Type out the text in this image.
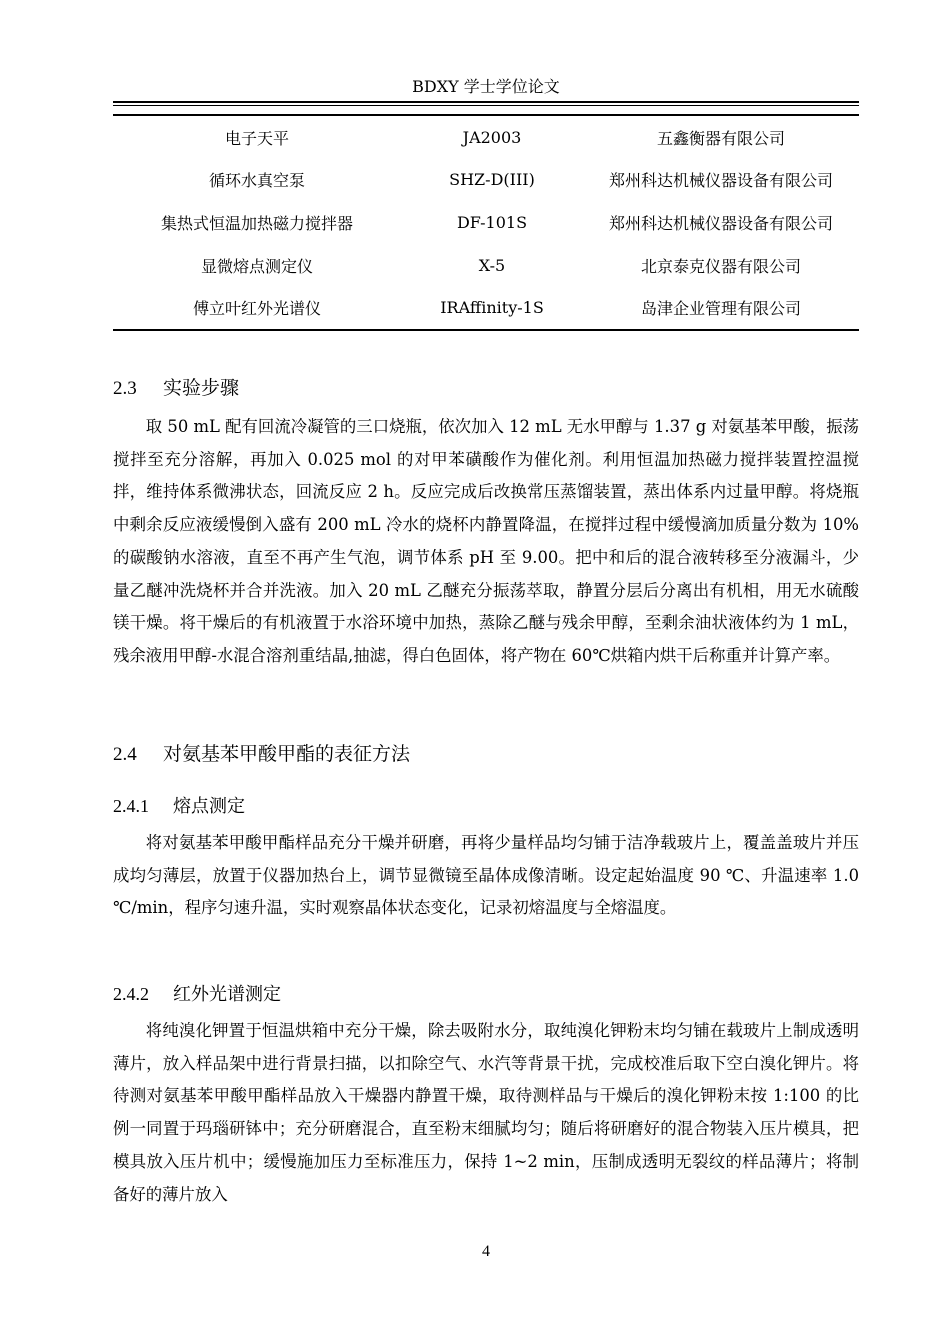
BDXY 学士学位论文
电子天平	JA2003	五鑫衡器有限公司
循环水真空泵	SHZ-D(III)	郑州科达机械仪器设备有限公司
集热式恒温加热磁力搅拌器	DF-101S	郑州科达机械仪器设备有限公司
显微熔点测定仪	X-5	北京泰克仪器有限公司
傅立叶红外光谱仪	IRAffinity-1S	岛津企业管理有限公司
2.3 实验步骤

取 50 mL 配有回流冷凝管的三口烧瓶，依次加入 12 mL 无水甲醇与 1.37 g 对氨基苯甲酸，振荡搅拌至充分溶解，再加入 0.025 mol 的对甲苯磺酸作为催化剂。利用恒温加热磁力搅拌装置控温搅拌，维持体系微沸状态，回流反应 2 h。反应完成后改换常压蒸馏装置，蒸出体系内过量甲醇。将烧瓶中剩余反应液缓慢倒入盛有 200 mL 冷水的烧杯内静置降温，在搅拌过程中缓慢滴加质量分数为 10%的碳酸钠水溶液，直至不再产生气泡，调节体系 pH 至 9.00。把中和后的混合液转移至分液漏斗，少量乙醚冲洗烧杯并合并洗液。加入 20 mL 乙醚充分振荡萃取，静置分层后分离出有机相，用无水硫酸镁干燥。将干燥后的有机液置于水浴环境中加热，蒸除乙醚与残余甲醇，至剩余油状液体约为 1 mL，残余液用甲醇-水混合溶剂重结晶,抽滤，得白色固体，将产物在 60℃烘箱内烘干后称重并计算产率。

2.4 对氨基苯甲酸甲酯的表征方法
2.4.1 熔点测定

将对氨基苯甲酸甲酯样品充分干燥并研磨，再将少量样品均匀铺于洁净载玻片上，覆盖盖玻片并压成均匀薄层，放置于仪器加热台上，调节显微镜至晶体成像清晰。设定起始温度 90 ℃、升温速率 1.0 ℃/min，程序匀速升温，实时观察晶体状态变化，记录初熔温度与全熔温度。

2.4.2 红外光谱测定

将纯溴化钾置于恒温烘箱中充分干燥，除去吸附水分，取纯溴化钾粉末均匀铺在载玻片上制成透明薄片，放入样品架中进行背景扫描，以扣除空气、水汽等背景干扰，完成校准后取下空白溴化钾片。将待测对氨基苯甲酸甲酯样品放入干燥器内静置干燥，取待测样品与干燥后的溴化钾粉末按 1:100 的比例一同置于玛瑙研钵中；充分研磨混合，直至粉末细腻均匀；随后将研磨好的混合物装入压片模具，把模具放入压片机中；缓慢施加压力至标准压力，保持 1~2 min，压制成透明无裂纹的样品薄片；将制备好的薄片放入

4
